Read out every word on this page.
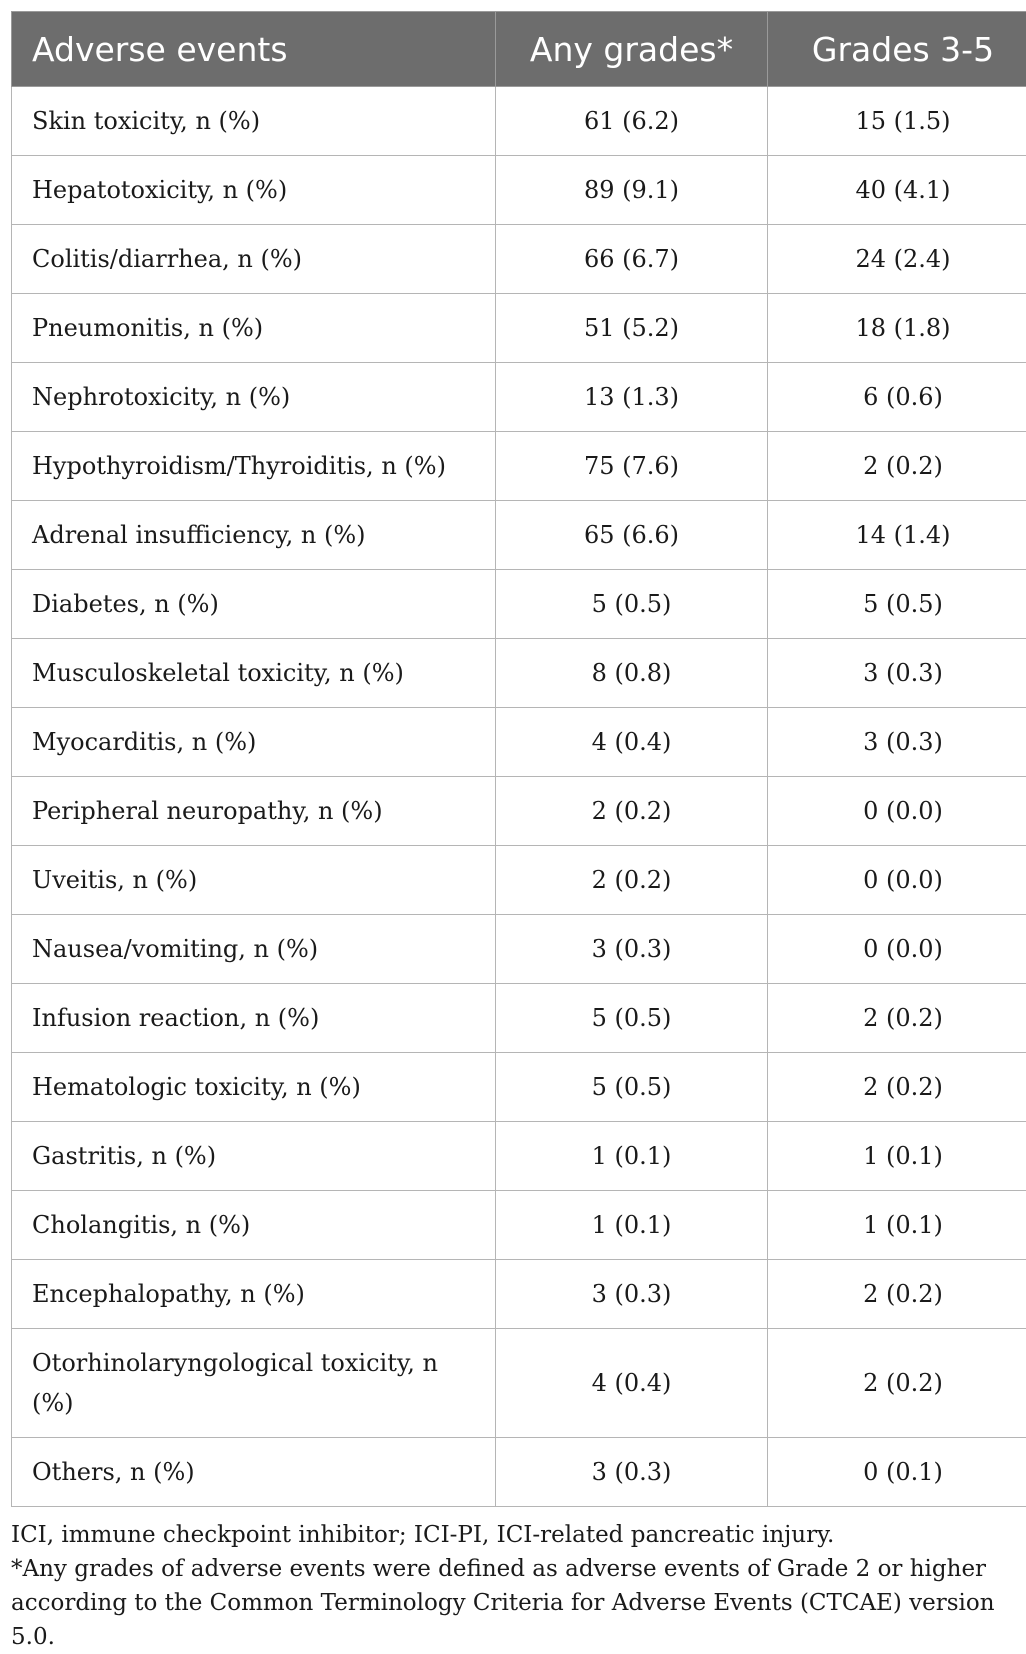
Adverse events	Any grades*	Grades 3-5
Skin toxicity, n (%)	61 (6.2)	15 (1.5)
Hepatotoxicity, n (%)	89 (9.1)	40 (4.1)
Colitis/diarrhea, n (%)	66 (6.7)	24 (2.4)
Pneumonitis, n (%)	51 (5.2)	18 (1.8)
Nephrotoxicity, n (%)	13 (1.3)	6 (0.6)
Hypothyroidism/Thyroiditis, n (%)	75 (7.6)	2 (0.2)
Adrenal insufficiency, n (%)	65 (6.6)	14 (1.4)
Diabetes, n (%)	5 (0.5)	5 (0.5)
Musculoskeletal toxicity, n (%)	8 (0.8)	3 (0.3)
Myocarditis, n (%)	4 (0.4)	3 (0.3)
Peripheral neuropathy, n (%)	2 (0.2)	0 (0.0)
Uveitis, n (%)	2 (0.2)	0 (0.0)
Nausea/vomiting, n (%)	3 (0.3)	0 (0.0)
Infusion reaction, n (%)	5 (0.5)	2 (0.2)
Hematologic toxicity, n (%)	5 (0.5)	2 (0.2)
Gastritis, n (%)	1 (0.1)	1 (0.1)
Cholangitis, n (%)	1 (0.1)	1 (0.1)
Encephalopathy, n (%)	3 (0.3)	2 (0.2)
Otorhinolaryngological toxicity, n (%)	4 (0.4)	2 (0.2)
Others, n (%)	3 (0.3)	0 (0.1)

ICI, immune checkpoint inhibitor; ICI-PI, ICI-related pancreatic injury.

*Any grades of adverse events were defined as adverse events of Grade 2 or higher according to the Common Terminology Criteria for Adverse Events (CTCAE) version 5.0.
